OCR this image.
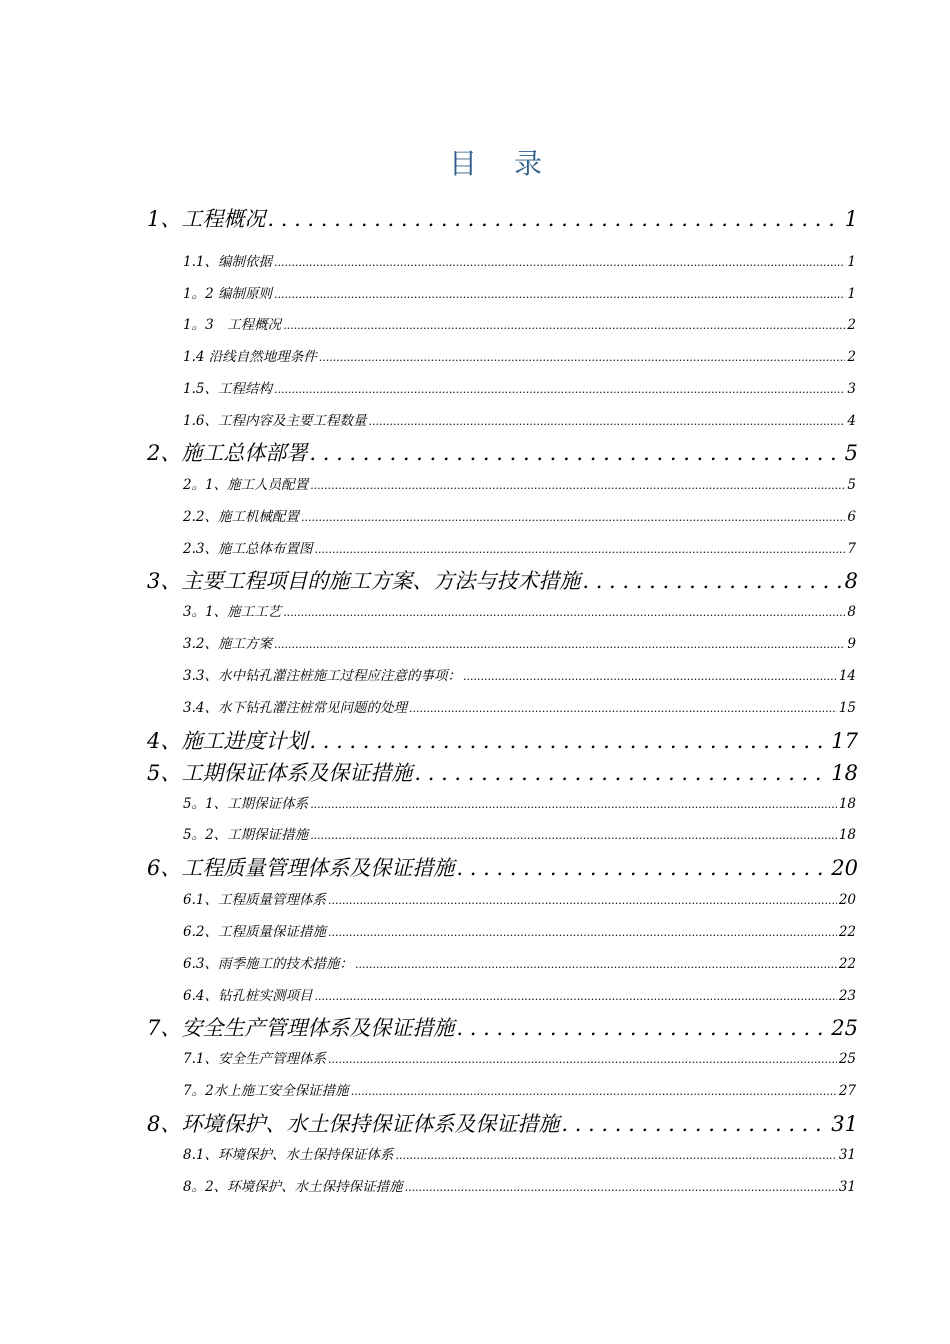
目 录
1、工程概况 . . .	1
1.1、编制依据 .....	1
1。2 编制原则 .....	1
1。3　工程概况 .....	2
1.4 沿线自然地理条件 .....	2
1.5、工程结构 .....	3
1.6、工程内容及主要工程数量 .....	4
2、施工总体部署 . . .	5
2。1、施工人员配置 .....	5
2.2、施工机械配置 .....	6
2.3、施工总体布置图 .....	7
3、主要工程项目的施工方案、方法与技术措施 . . .	8
3。1、施工工艺 .....	8
3.2、施工方案 .....	9
3.3、水中钻孔灌注桩施工过程应注意的事项： .....	14
3.4、水下钻孔灌注桩常见问题的处理 .....	15
4、施工进度计划 . . .	17
5、工期保证体系及保证措施 . . .	18
5。1、工期保证体系 .....	18
5。2、工期保证措施 .....	18
6、工程质量管理体系及保证措施 . . .	20
6.1、工程质量管理体系 .....	20
6.2、工程质量保证措施 .....	22
6.3、雨季施工的技术措施： .....	22
6.4、钻孔桩实测项目 .....	23
7、安全生产管理体系及保证措施 . . .	25
7.1、安全生产管理体系 .....	25
7。2水上施工安全保证措施 .....	27
8、环境保护、水土保持保证体系及保证措施 . . .	31
8.1、环境保护、水土保持保证体系 .....	31
8。2、环境保护、水土保持保证措施 .....	31
